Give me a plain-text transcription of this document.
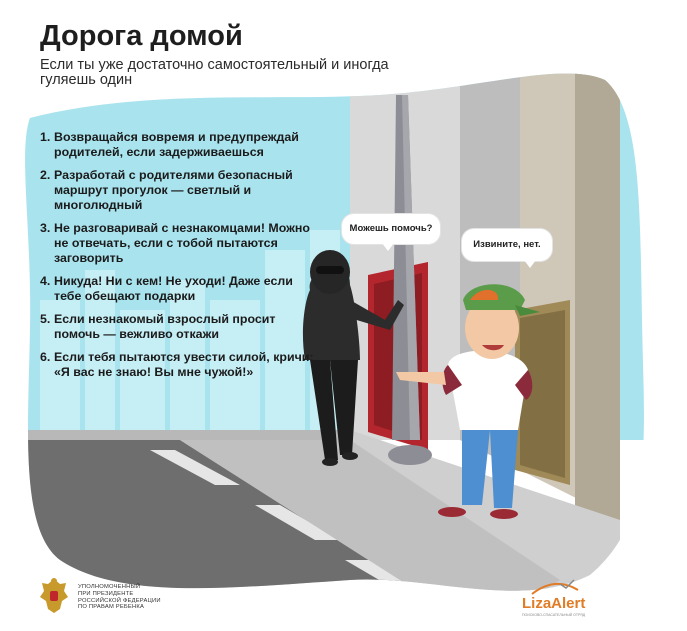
Дорога домой

Если ты уже достаточно самостоятельный и иногда гуляешь один

1. Возвращайся вовремя и предупреждай родителей, если задерживаешься
2. Разработай с родителями безопасный маршрут прогулок — светлый и многолюдный
3. Не разговаривай с незнакомцами! Можно не отвечать, если с тобой пытаются заговорить
4. Никуда! Ни с кем! Не уходи! Даже если тебе обещают подарки
5. Если незнакомый взрослый просит помочь — вежливо откажи
6. Если тебя пытаются увести силой, кричи: «Я вас не знаю! Вы мне чужой!»
Можешь помочь?
Извините, нет.
УПОЛНОМОЧЕННЫЙ
ПРИ ПРЕЗИДЕНТЕ
РОССИЙСКОЙ ФЕДЕРАЦИИ
ПО ПРАВАМ РЕБЕНКА	LizaAlert
ПОИСКОВО-СПАСАТЕЛЬНЫЙ ОТРЯД
